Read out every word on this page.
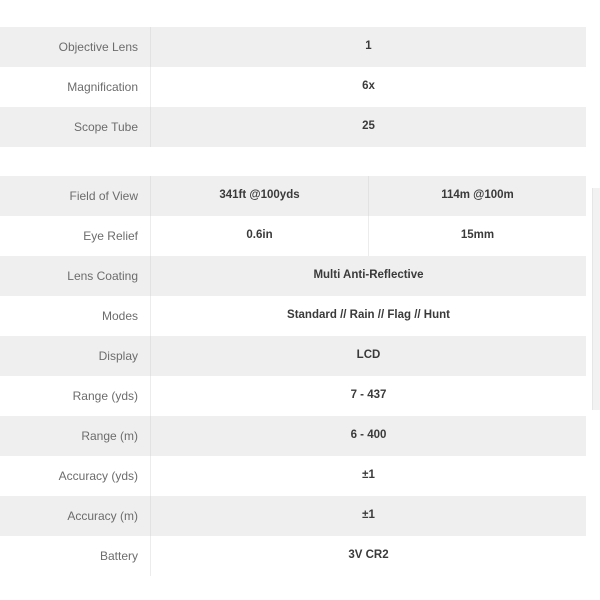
Objective Lens	1
Magnification	6x
Scope Tube	25
Field of View	341ft @100yds	114m @100m
Eye Relief	0.6in	15mm
Lens Coating	Multi Anti-Reflective
Modes	Standard // Rain // Flag // Hunt
Display	LCD
Range (yds)	7 - 437
Range (m)	6 - 400
Accuracy (yds)	±1
Accuracy (m)	±1
Battery	3V CR2
